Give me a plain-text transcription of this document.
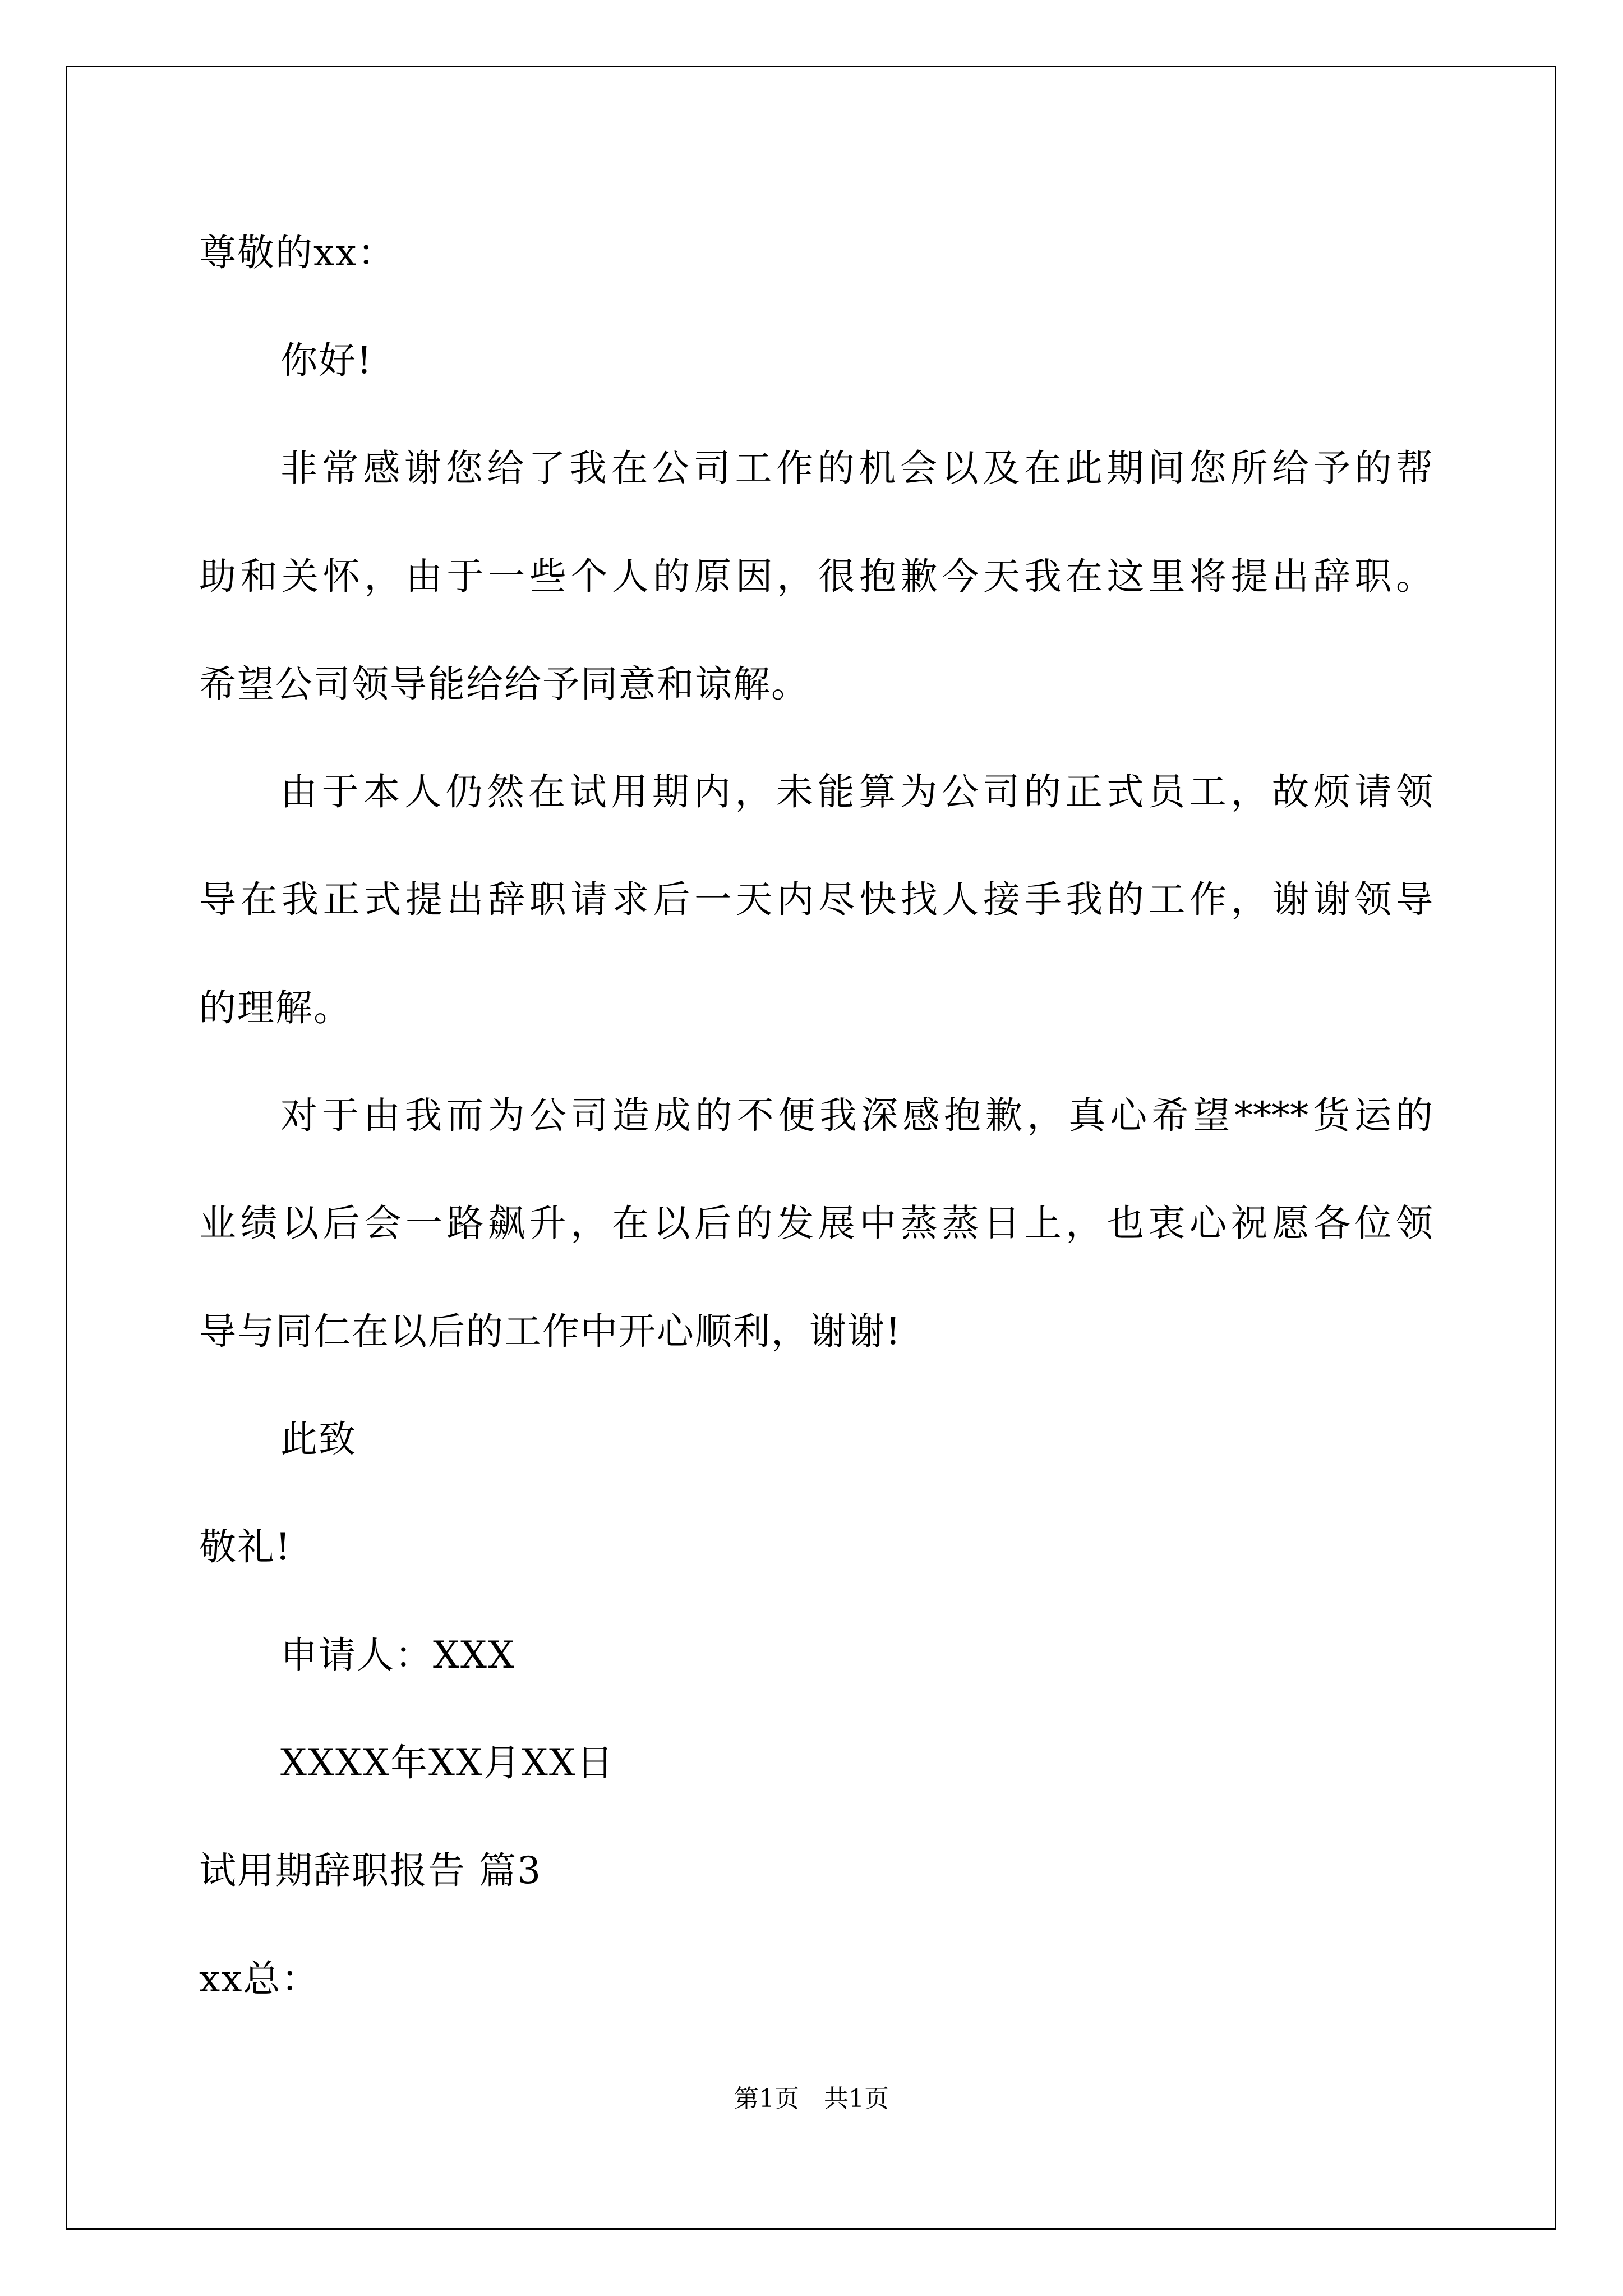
尊敬的xx：
你好!
非常感谢您给了我在公司工作的机会以及在此期间您所给予的帮
助和关怀，由于一些个人的原因，很抱歉今天我在这里将提出辞职。
希望公司领导能给给予同意和谅解。
由于本人仍然在试用期内，未能算为公司的正式员工，故烦请领
导在我正式提出辞职请求后一天内尽快找人接手我的工作，谢谢领导
的理解。
对于由我而为公司造成的不便我深感抱歉，真心希望****货运的
业绩以后会一路飙升，在以后的发展中蒸蒸日上，也衷心祝愿各位领
导与同仁在以后的工作中开心顺利，谢谢!
此致
敬礼!
申请人：XXX
XXXX年XX月XX日
试用期辞职报告 篇3
xx总：
第1页　共1页
